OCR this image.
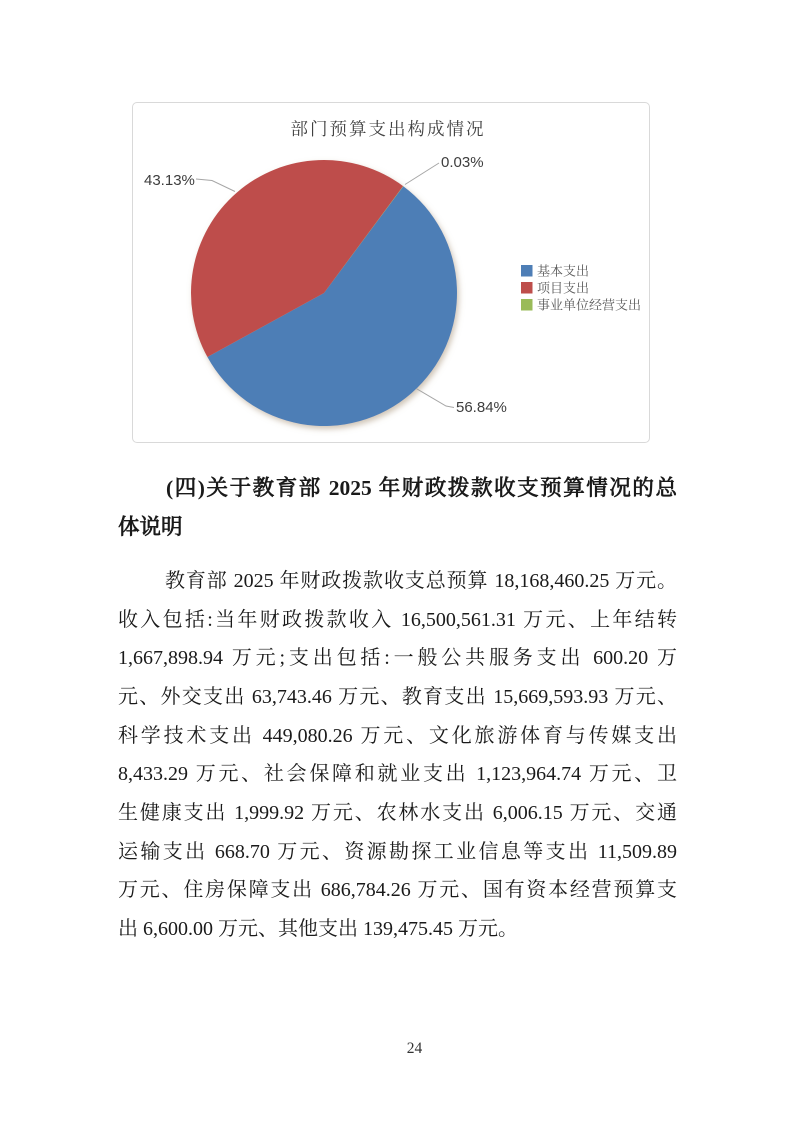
部门预算支出构成情况
43.13%
0.03%
56.84%
基本支出
项目支出
事业单位经营支出
(四)关于教育部 2025 年财政拨款收支预算情况的总
体说明
教育部 2025 年财政拨款收支总预算 18,168,460.25 万元。
收入包括:当年财政拨款收入 16,500,561.31 万元、上年结转
1,667,898.94 万元;支出包括:一般公共服务支出 600.20 万
元、外交支出 63,743.46 万元、教育支出 15,669,593.93 万元、
科学技术支出 449,080.26 万元、文化旅游体育与传媒支出
8,433.29 万元、社会保障和就业支出 1,123,964.74 万元、卫
生健康支出 1,999.92 万元、农林水支出 6,006.15 万元、交通
运输支出 668.70 万元、资源勘探工业信息等支出 11,509.89
万元、住房保障支出 686,784.26 万元、国有资本经营预算支
出 6,600.00 万元、其他支出 139,475.45 万元。
24
